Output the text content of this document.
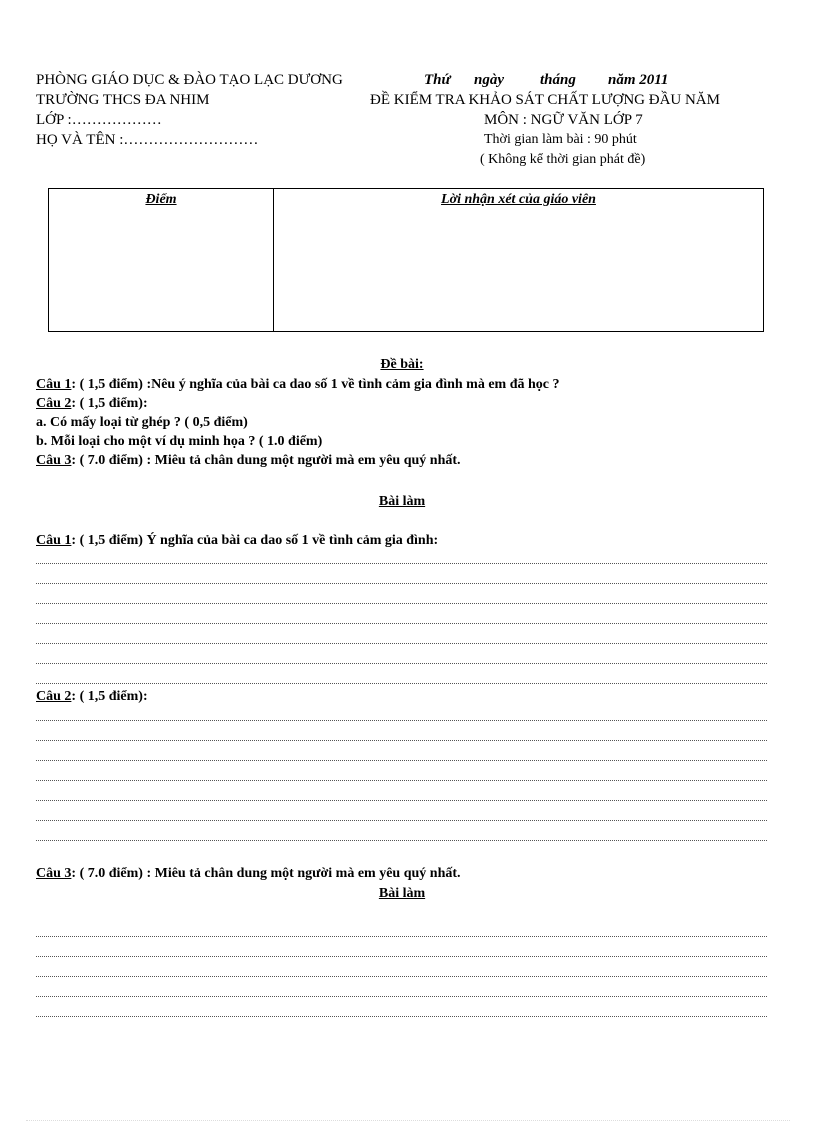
PHÒNG GIÁO DỤC & ĐÀO TẠO LẠC DƯƠNG	Thứ ngày tháng năm 2011
TRƯỜNG THCS ĐA NHIM	ĐỀ KIỂM TRA KHẢO SÁT CHẤT LƯỢNG ĐẦU NĂM
LỚP :………………	MÔN : NGỮ VĂN LỚP 7
HỌ VÀ TÊN :………………………	Thời gian làm bài : 90 phút
( Không kể thời gian phát đề)
Điểm	Lời nhận xét của giáo viên
Đề bài:
Câu 1: ( 1,5 điểm) :Nêu ý nghĩa của bài ca dao số 1 về tình cảm gia đình mà em đã học ?
Câu 2: ( 1,5 điểm):
a. Có mấy loại từ ghép ? ( 0,5 điểm)
b. Mỗi loại cho một ví dụ minh họa ? ( 1.0 điểm)
Câu 3: ( 7.0 điểm) : Miêu tả chân dung một người mà em yêu quý nhất.
Bài làm
Câu 1: ( 1,5 điểm) Ý nghĩa của bài ca dao số 1 về tình cảm gia đình:
Câu 2: ( 1,5 điểm):
Câu 3: ( 7.0 điểm) : Miêu tả chân dung một người mà em yêu quý nhất.
Bài làm
